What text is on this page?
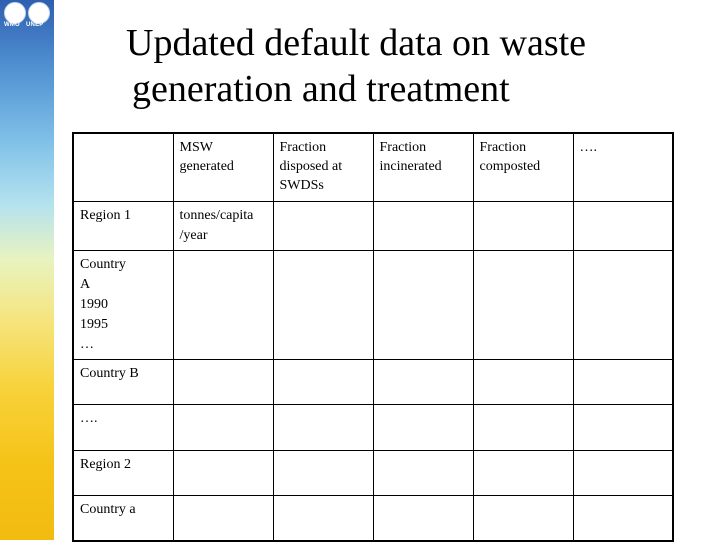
WMO UNEP Updated default data on waste
generation and treatment
	MSW generated	Fraction disposed at SWDSs	Fraction incinerated	Fraction composted	….
Region 1	tonnes/capita /year				
Country A 1990 1995 …					
Country B					
….					
Region 2					
Country a					
